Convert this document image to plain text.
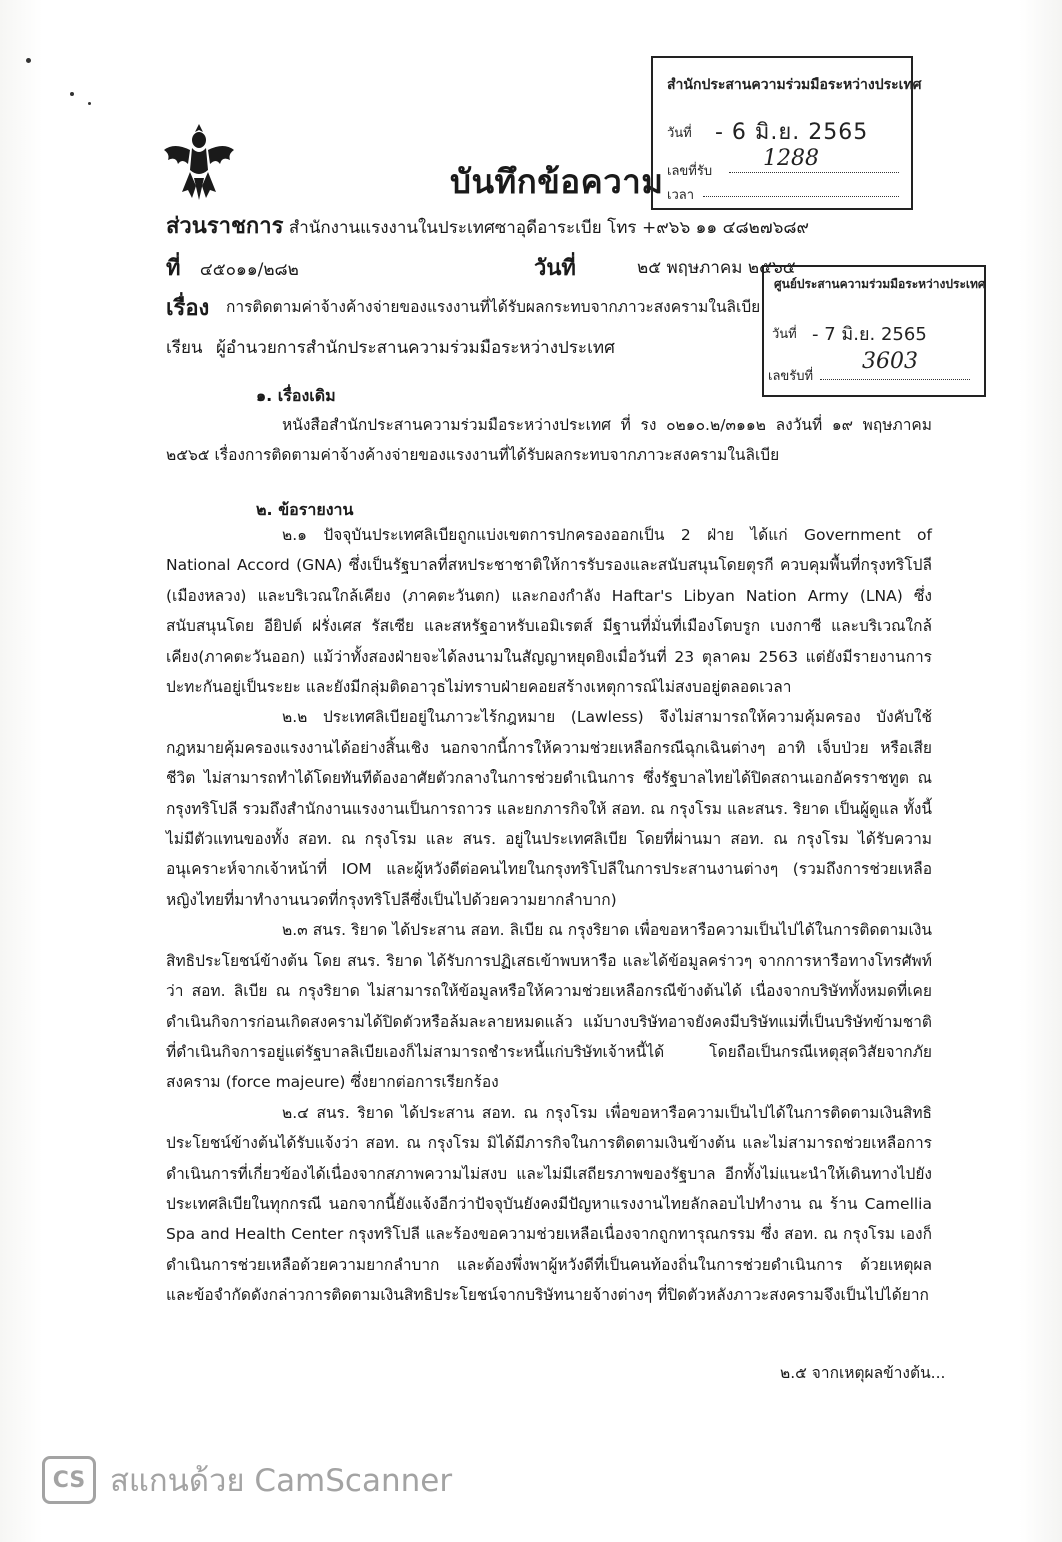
บันทึกข้อความ
สำนักประสานความร่วมมือระหว่างประเทศ
วันที่ - 6 มิ.ย. 2565
เลขที่รับ
1288
เวลา
ส่วนราชการ สำนักงานแรงงานในประเทศซาอุดีอาระเบีย โทร +๙๖๖ ๑๑ ๔๘๒๗๖๘๙
ที่ ๔๕๐๑๑/๒๘๒	วันที่	๒๕ พฤษภาคม ๒๕๖๕
เรื่อง การติดตามค่าจ้างค้างจ่ายของแรงงานที่ได้รับผลกระทบจากภาวะสงครามในลิเบีย
เรียน ผู้อำนวยการสำนักประสานความร่วมมือระหว่างประเทศ
ศูนย์ประสานความร่วมมือระหว่างประเทศ
วันที่ - 7 มิ.ย. 2565
เลขรับที่
3603
๑. เรื่องเดิม

หนังสือสำนักประสานความร่วมมือระหว่างประเทศ ที่ รง ๐๒๑๐.๒/๓๑๑๒ ลงวันที่ ๑๙ พฤษภาคม ๒๕๖๕ เรื่องการติดตามค่าจ้างค้างจ่ายของแรงงานที่ได้รับผลกระทบจากภาวะสงครามในลิเบีย

๒. ข้อรายงาน

๒.๑ ปัจจุบันประเทศลิเบียถูกแบ่งเขตการปกครองออกเป็น 2 ฝ่าย ได้แก่ Government of National Accord (GNA) ซึ่งเป็นรัฐบาลที่สหประชาชาติให้การรับรองและสนับสนุนโดยตุรกี ควบคุมพื้นที่กรุงทริโปลี (เมืองหลวง) และบริเวณใกล้เคียง (ภาคตะวันตก) และกองกำลัง Haftar's Libyan Nation Army (LNA) ซึ่งสนับสนุนโดย อียิปต์ ฝรั่งเศส รัสเซีย และสหรัฐอาหรับเอมิเรตส์ มีฐานที่มั่นที่เมืองโตบรูก เบงกาซี และบริเวณใกล้เคียง(ภาคตะวันออก) แม้ว่าทั้งสองฝ่ายจะได้ลงนามในสัญญาหยุดยิงเมื่อวันที่ 23 ตุลาคม 2563 แต่ยังมีรายงานการปะทะกันอยู่เป็นระยะ และยังมีกลุ่มติดอาวุธไม่ทราบฝ่ายคอยสร้างเหตุการณ์ไม่สงบอยู่ตลอดเวลา

๒.๒ ประเทศลิเบียอยู่ในภาวะไร้กฎหมาย (Lawless) จึงไม่สามารถให้ความคุ้มครอง บังคับใช้กฎหมายคุ้มครองแรงงานได้อย่างสิ้นเชิง นอกจากนี้การให้ความช่วยเหลือกรณีฉุกเฉินต่างๆ อาทิ เจ็บป่วย หรือเสียชีวิต ไม่สามารถทำได้โดยทันทีต้องอาศัยตัวกลางในการช่วยดำเนินการ ซึ่งรัฐบาลไทยได้ปิดสถานเอกอัครราชทูต ณ กรุงทริโปลี รวมถึงสำนักงานแรงงานเป็นการถาวร และยกภารกิจให้ สอท. ณ กรุงโรม และสนร. ริยาด เป็นผู้ดูแล ทั้งนี้ไม่มีตัวแทนของทั้ง สอท. ณ กรุงโรม และ สนร. อยู่ในประเทศลิเบีย โดยที่ผ่านมา สอท. ณ กรุงโรม ได้รับความอนุเคราะห์จากเจ้าหน้าที่ IOM และผู้หวังดีต่อคนไทยในกรุงทริโปลีในการประสานงานต่างๆ (รวมถึงการช่วยเหลือหญิงไทยที่มาทำงานนวดที่กรุงทริโปลีซึ่งเป็นไปด้วยความยากลำบาก)

๒.๓ สนร. ริยาด ได้ประสาน สอท. ลิเบีย ณ กรุงริยาด เพื่อขอหารือความเป็นไปได้ในการติดตามเงินสิทธิประโยชน์ข้างต้น โดย สนร. ริยาด ได้รับการปฏิเสธเข้าพบหารือ และได้ข้อมูลคร่าวๆ จากการหารือทางโทรศัพท์ว่า สอท. ลิเบีย ณ กรุงริยาด ไม่สามารถให้ข้อมูลหรือให้ความช่วยเหลือกรณีข้างต้นได้ เนื่องจากบริษัททั้งหมดที่เคยดำเนินกิจการก่อนเกิดสงครามได้ปิดตัวหรือล้มละลายหมดแล้ว แม้บางบริษัทอาจยังคงมีบริษัทแม่ที่เป็นบริษัทข้ามชาติที่ดำเนินกิจการอยู่แต่รัฐบาลลิเบียเองก็ไม่สามารถชำระหนี้แก่บริษัทเจ้าหนี้ได้ โดยถือเป็นกรณีเหตุสุดวิสัยจากภัยสงคราม (force majeure) ซึ่งยากต่อการเรียกร้อง

๒.๔ สนร. ริยาด ได้ประสาน สอท. ณ กรุงโรม เพื่อขอหารือความเป็นไปได้ในการติดตามเงินสิทธิประโยชน์ข้างต้นได้รับแจ้งว่า สอท. ณ กรุงโรม มิได้มีภารกิจในการติดตามเงินข้างต้น และไม่สามารถช่วยเหลือการดำเนินการที่เกี่ยวข้องได้เนื่องจากสภาพความไม่สงบ และไม่มีเสถียรภาพของรัฐบาล อีกทั้งไม่แนะนำให้เดินทางไปยังประเทศลิเบียในทุกกรณี นอกจากนี้ยังแจ้งอีกว่าปัจจุบันยังคงมีปัญหาแรงงานไทยลักลอบไปทำงาน ณ ร้าน Camellia Spa and Health Center กรุงทริโปลี และร้องขอความช่วยเหลือเนื่องจากถูกทารุณกรรม ซึ่ง สอท. ณ กรุงโรม เองก็ดำเนินการช่วยเหลือด้วยความยากลำบาก และต้องพึ่งพาผู้หวังดีที่เป็นคนท้องถิ่นในการช่วยดำเนินการ ด้วยเหตุผลและข้อจำกัดดังกล่าวการติดตามเงินสิทธิประโยชน์จากบริษัทนายจ้างต่างๆ ที่ปิดตัวหลังภาวะสงครามจึงเป็นไปได้ยาก

๒.๕ จากเหตุผลข้างต้น...
CS สแกนด้วย CamScanner
